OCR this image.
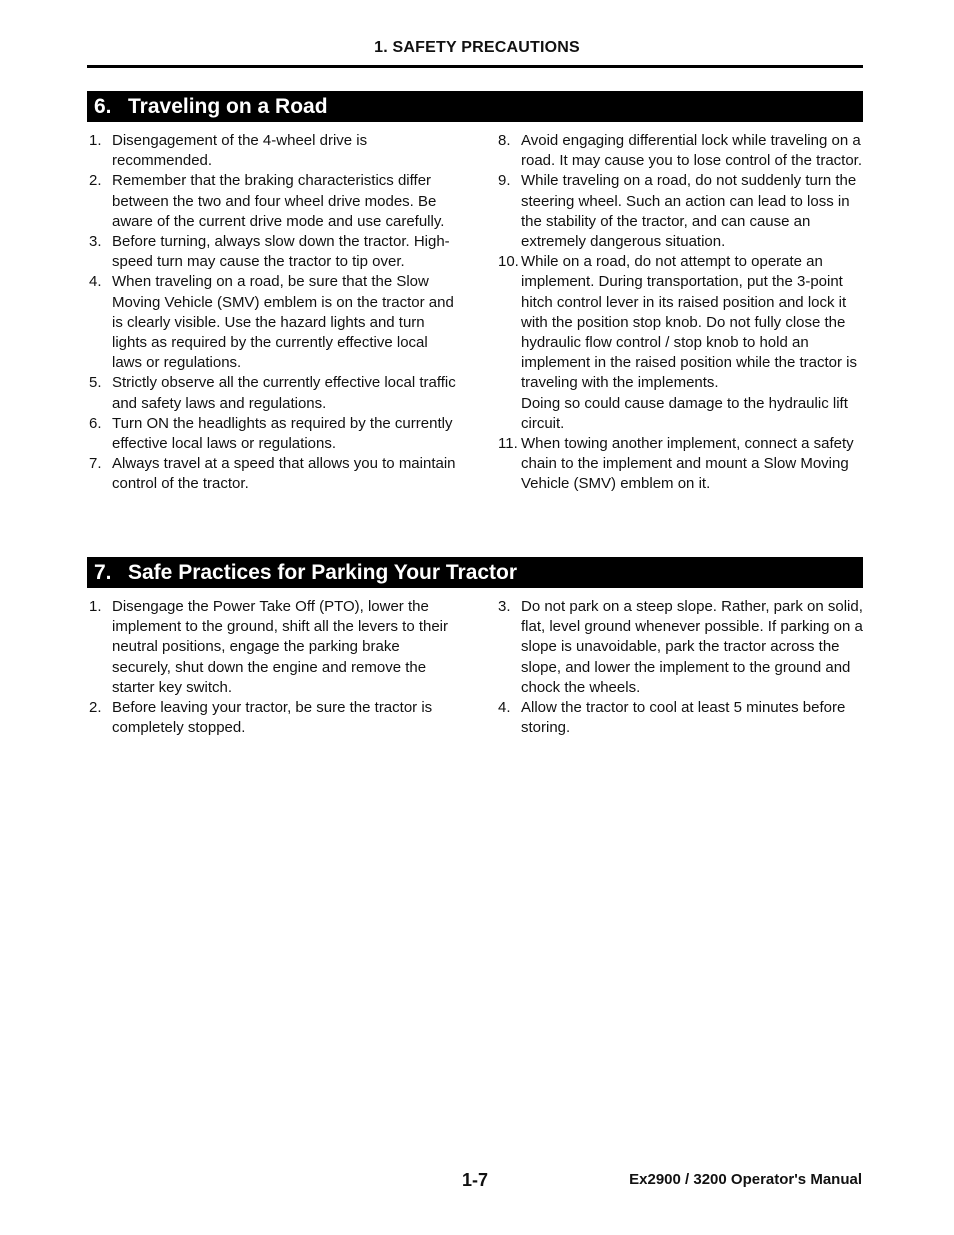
1. SAFETY PRECAUTIONS
6. Traveling on a Road
1. Disengagement of the 4-wheel drive is recommended.
2. Remember that the braking characteristics differ between the two and four wheel drive modes. Be aware of the current drive mode and use carefully.
3. Before turning, always slow down the tractor. High-speed turn may cause the tractor to tip over.
4. When traveling on a road, be sure that the Slow Moving Vehicle (SMV) emblem is on the tractor and is clearly visible. Use the hazard lights and turn lights as required by the currently effective local laws or regulations.
5. Strictly observe all the currently effective local traffic and safety laws and regulations.
6. Turn ON the headlights as required by the currently effective local laws or regulations.
7. Always travel at a speed that allows you to maintain control of the tractor.
8. Avoid engaging differential lock while traveling on a road. It may cause you to lose control of the tractor.
9. While traveling on a road, do not suddenly turn the steering wheel. Such an action can lead to loss in the stability of the tractor, and can cause an extremely dangerous situation.
10. While on a road, do not attempt to operate an implement. During transportation, put the 3-point hitch control lever in its raised position and lock it with the position stop knob. Do not fully close the hydraulic flow control / stop knob to hold an implement in the raised position while the tractor is traveling with the implements.

Doing so could cause damage to the hydraulic lift circuit.

11. When towing another implement, connect a safety chain to the implement and mount a Slow Moving Vehicle (SMV) emblem on it.
7. Safe Practices for Parking Your Tractor
1. Disengage the Power Take Off (PTO), lower the implement to the ground, shift all the levers to their neutral positions, engage the parking brake securely, shut down the engine and remove the starter key switch.
2. Before leaving your tractor, be sure the tractor is completely stopped.
3. Do not park on a steep slope. Rather, park on solid, flat, level ground whenever possible. If parking on a slope is unavoidable, park the tractor across the slope, and lower the implement to the ground and chock the wheels.
4. Allow the tractor to cool at least 5 minutes before storing.
1-7	Ex2900 / 3200 Operator's Manual
